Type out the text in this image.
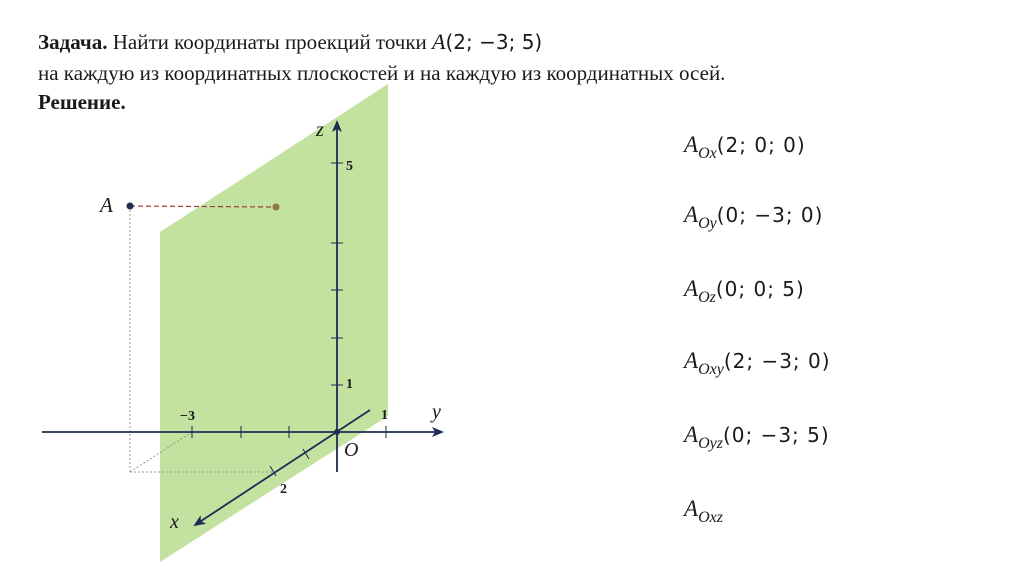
Задача. Найти координаты проекций точки A(2; −3; 5)
на каждую из координатных плоскостей и на каждую из координатных осей.
Решение.
5
1
−3	1
2
z
y
x
O
A
$A_{Ox}(2$; 0; 0)
$A_{Oy}(0$; −3; 0)
$A_{Oz}(0$; 0; 5)
$A_{Oxy}(2$; −3; 0)
$A_{Oyz}(0$; −3; 5)
$A_{Oxz}$
